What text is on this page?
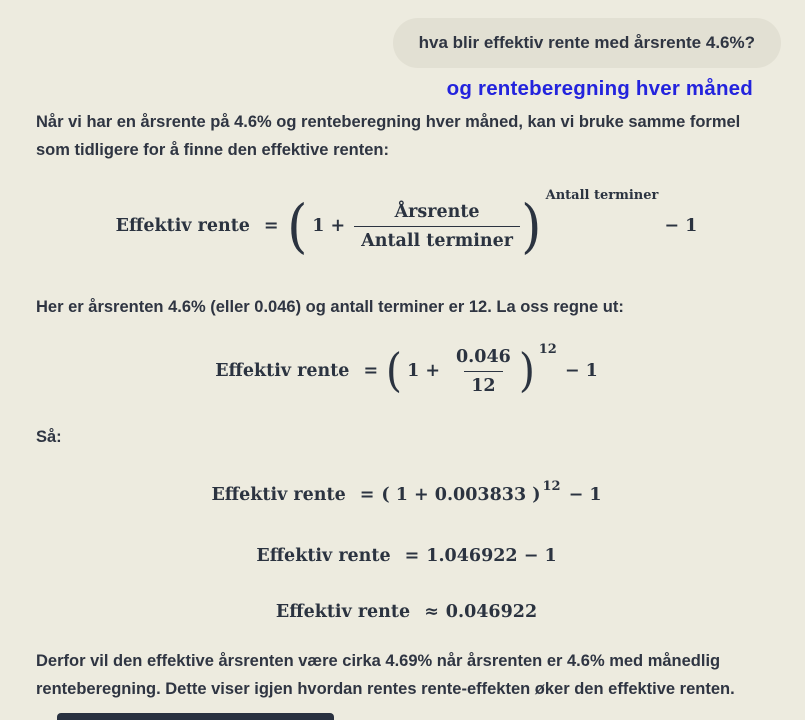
hva blir effektiv rente med årsrente 4.6%?
og renteberegning hver måned

Når vi har en årsrente på 4.6% og renteberegning hver måned, kan vi bruke samme formel som tidligere for å finne den effektive renten:

Effektiv rente = ( $1 + \frac{\text{Årsrente}}{\text{Antall terminer}}$ ) Antall terminer
− 1

Her er årsrenten 4.6% (eller 0.046) og antall terminer er 12. La oss regne ut:

Effektiv rente = ( $1 + \frac{0.046}{12}$ ) 12
− 1

Så:

Effektiv rente = ( 1 + 0.003833 ) 12 − 1
Effektiv rente = 1.046922 − 1
Effektiv rente ≈ 0.046922

Derfor vil den effektive årsrenten være cirka 4.69% når årsrenten er 4.6% med månedlig renteberegning. Dette viser igjen hvordan rentes rente-effekten øker den effektive renten.
